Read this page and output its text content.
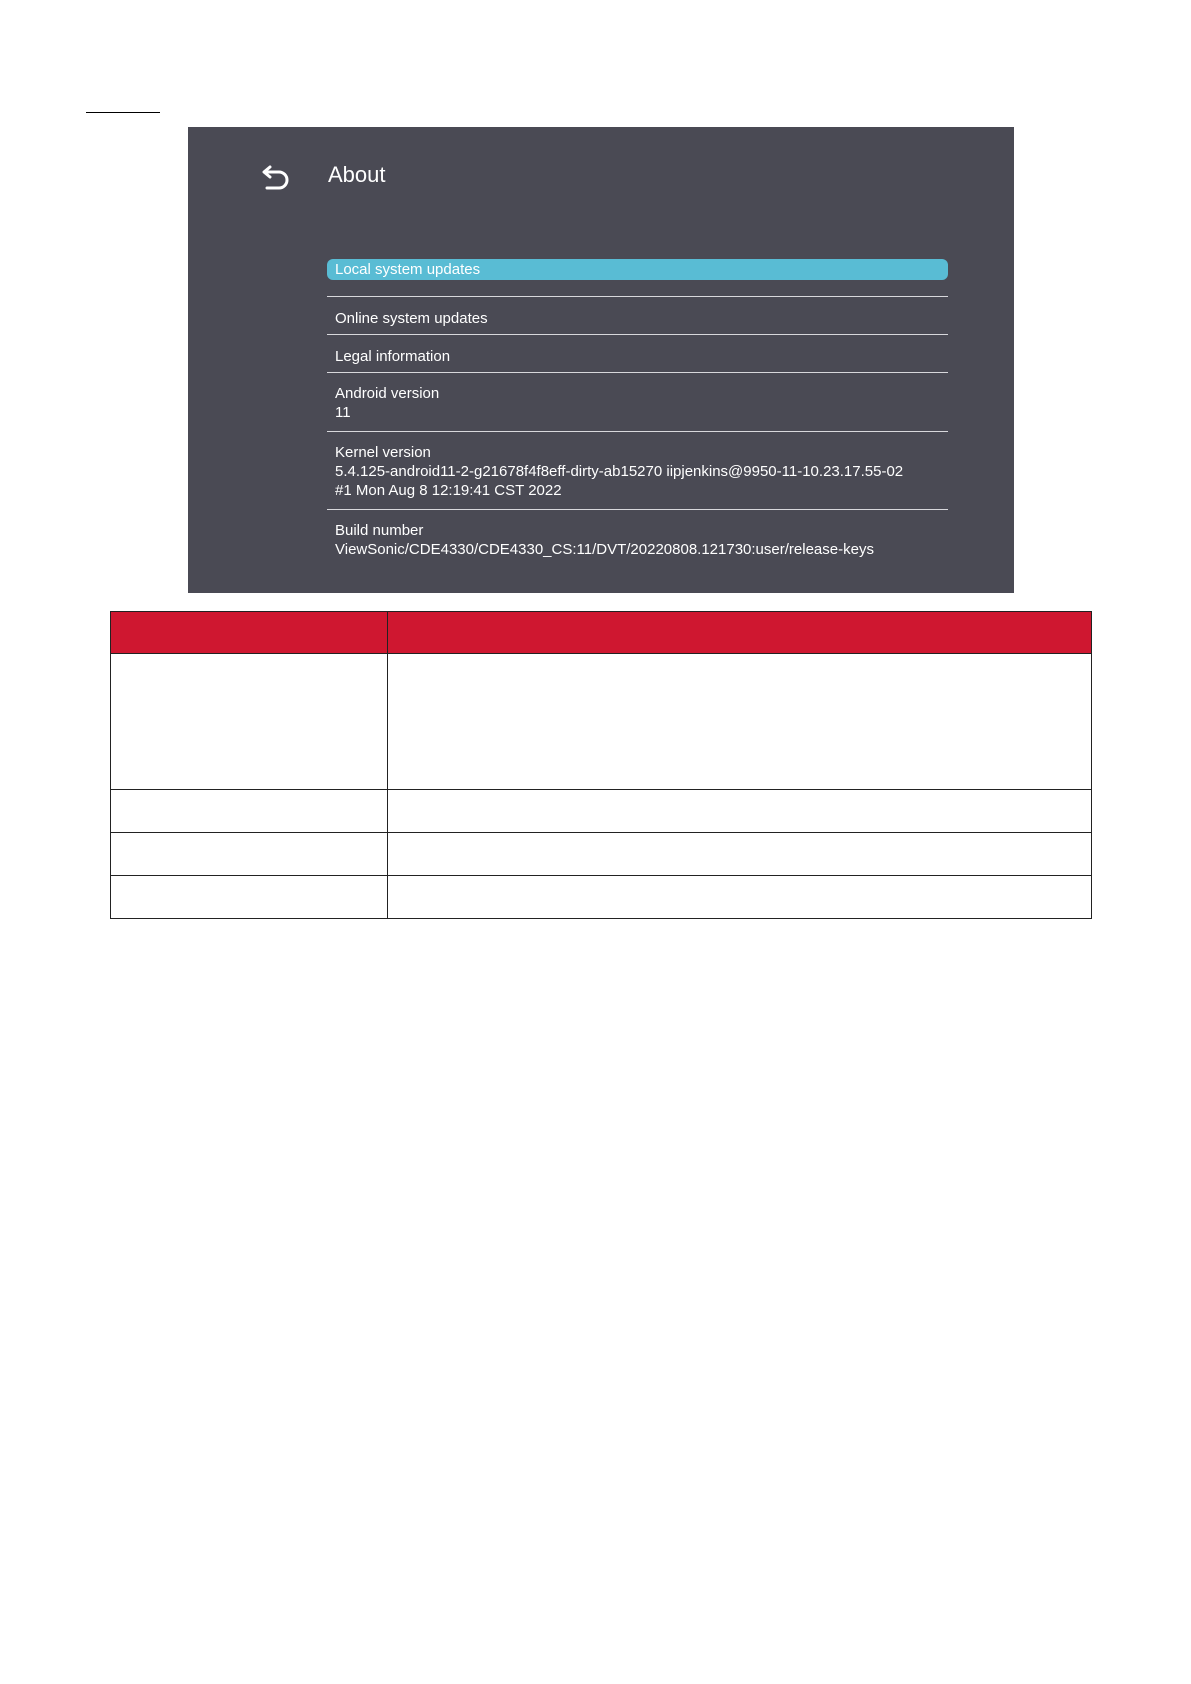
About
Local system updates
Online system updates
Legal information
Android version
11
Kernel version
5.4.125-android11-2-g21678f4f8eff-dirty-ab15270 iipjenkins@9950-11-10.23.17.55-02
#1 Mon Aug 8 12:19:41 CST 2022
Build number
ViewSonic/CDE4330/CDE4330_CS:11/DVT/20220808.121730:user/release-keys
